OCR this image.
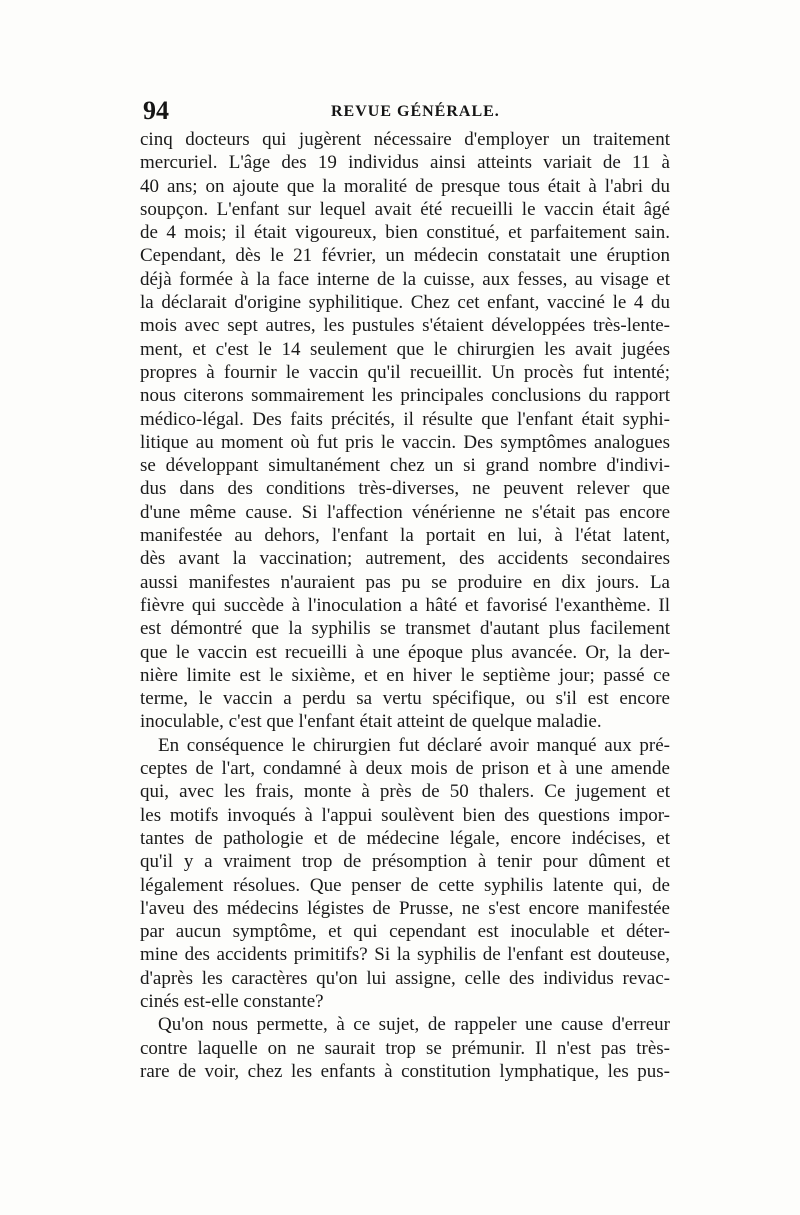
94	REVUE GÉNÉRALE.
cinq docteurs qui jugèrent nécessaire d'employer un traitement
mercuriel. L'âge des 19 individus ainsi atteints variait de 11 à
40 ans; on ajoute que la moralité de presque tous était à l'abri du
soupçon. L'enfant sur lequel avait été recueilli le vaccin était âgé
de 4 mois; il était vigoureux, bien constitué, et parfaitement sain.
Cependant, dès le 21 février, un médecin constatait une éruption
déjà formée à la face interne de la cuisse, aux fesses, au visage et
la déclarait d'origine syphilitique. Chez cet enfant, vacciné le 4 du
mois avec sept autres, les pustules s'étaient développées très-lente-
ment, et c'est le 14 seulement que le chirurgien les avait jugées
propres à fournir le vaccin qu'il recueillit. Un procès fut intenté;
nous citerons sommairement les principales conclusions du rapport
médico-légal. Des faits précités, il résulte que l'enfant était syphi-
litique au moment où fut pris le vaccin. Des symptômes analogues
se développant simultanément chez un si grand nombre d'indivi-
dus dans des conditions très-diverses, ne peuvent relever que
d'une même cause. Si l'affection vénérienne ne s'était pas encore
manifestée au dehors, l'enfant la portait en lui, à l'état latent,
dès avant la vaccination; autrement, des accidents secondaires
aussi manifestes n'auraient pas pu se produire en dix jours. La
fièvre qui succède à l'inoculation a hâté et favorisé l'exanthème. Il
est démontré que la syphilis se transmet d'autant plus facilement
que le vaccin est recueilli à une époque plus avancée. Or, la der-
nière limite est le sixième, et en hiver le septième jour; passé ce
terme, le vaccin a perdu sa vertu spécifique, ou s'il est encore
inoculable, c'est que l'enfant était atteint de quelque maladie.
En conséquence le chirurgien fut déclaré avoir manqué aux pré-
ceptes de l'art, condamné à deux mois de prison et à une amende
qui, avec les frais, monte à près de 50 thalers. Ce jugement et
les motifs invoqués à l'appui soulèvent bien des questions impor-
tantes de pathologie et de médecine légale, encore indécises, et
qu'il y a vraiment trop de présomption à tenir pour dûment et
légalement résolues. Que penser de cette syphilis latente qui, de
l'aveu des médecins légistes de Prusse, ne s'est encore manifestée
par aucun symptôme, et qui cependant est inoculable et déter-
mine des accidents primitifs? Si la syphilis de l'enfant est douteuse,
d'après les caractères qu'on lui assigne, celle des individus revac-
cinés est-elle constante?
Qu'on nous permette, à ce sujet, de rappeler une cause d'erreur
contre laquelle on ne saurait trop se prémunir. Il n'est pas très-
rare de voir, chez les enfants à constitution lymphatique, les pus-
